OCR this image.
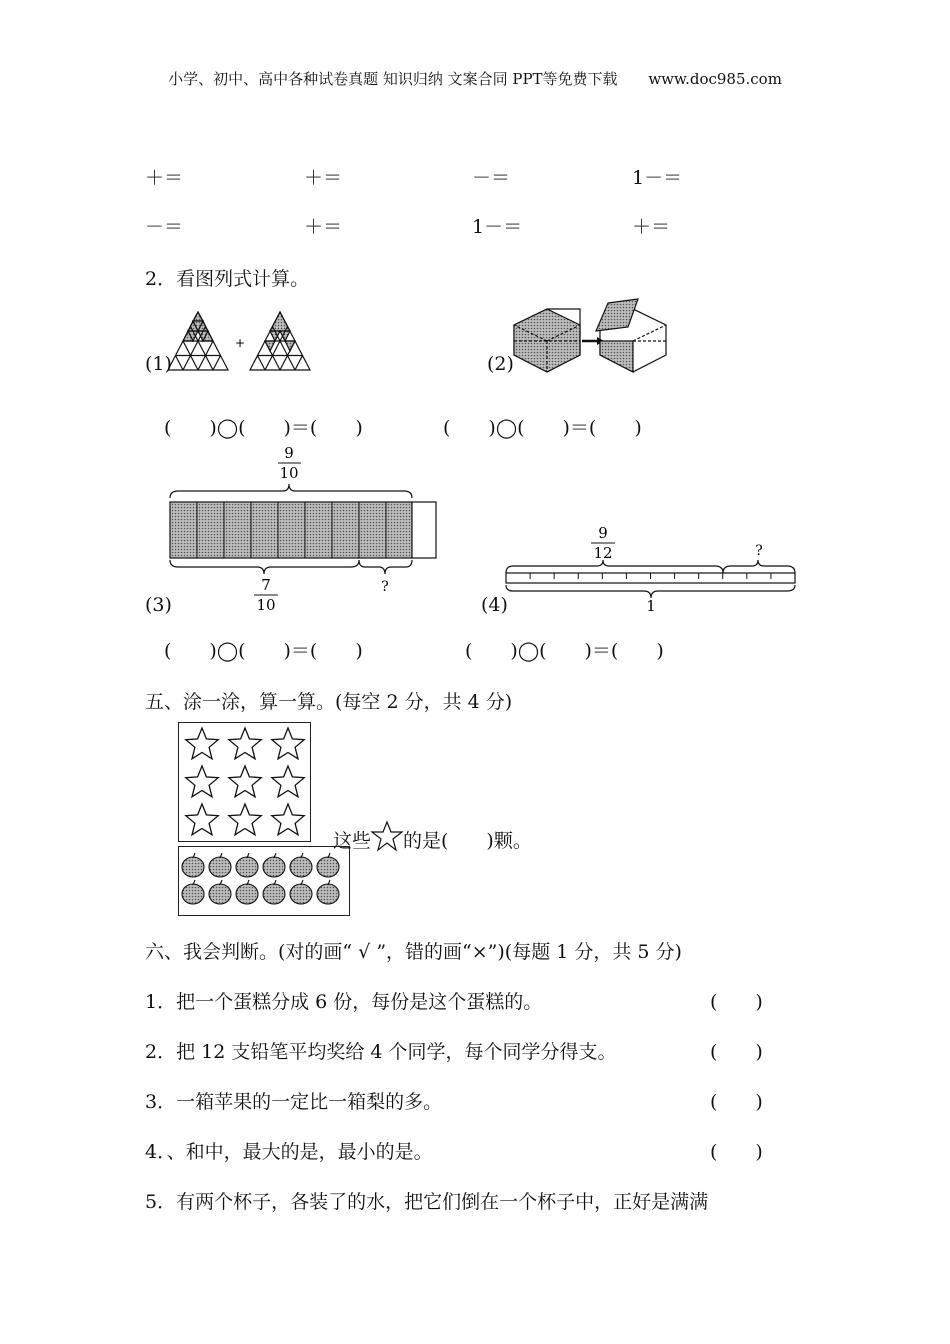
小学、初中、高中各种试卷真题 知识归纳 文案合同 PPT等免费下载 www.doc985.com
＋＝	＋＝	－＝	1－＝
－＝	＋＝	1－＝	＋＝
2．看图列式计算。
(1)
+
(2)
(　　)◯(　　)＝(　　)	(　　)◯(　　)＝(　　)
9
10
?
7
10
(3)
9
12	?
1
(4)
(　　)◯(　　)＝(　　)	(　　)◯(　　)＝(　　)
五、涂一涂，算一算。(每空 2 分，共 4 分)
这些 的是(　　)颗。
六、我会判断。(对的画“ √ ”，错的画“×”)(每题 1 分，共 5 分)
1．把一个蛋糕分成 6 份，每份是这个蛋糕的。	(　　)
2．把 12 支铅笔平均奖给 4 个同学，每个同学分得支。	(　　)
3．一箱苹果的一定比一箱梨的多。	(　　)
4．、和中，最大的是，最小的是。	(　　)
5．有两个杯子，各装了的水，把它们倒在一个杯子中，正好是满满
